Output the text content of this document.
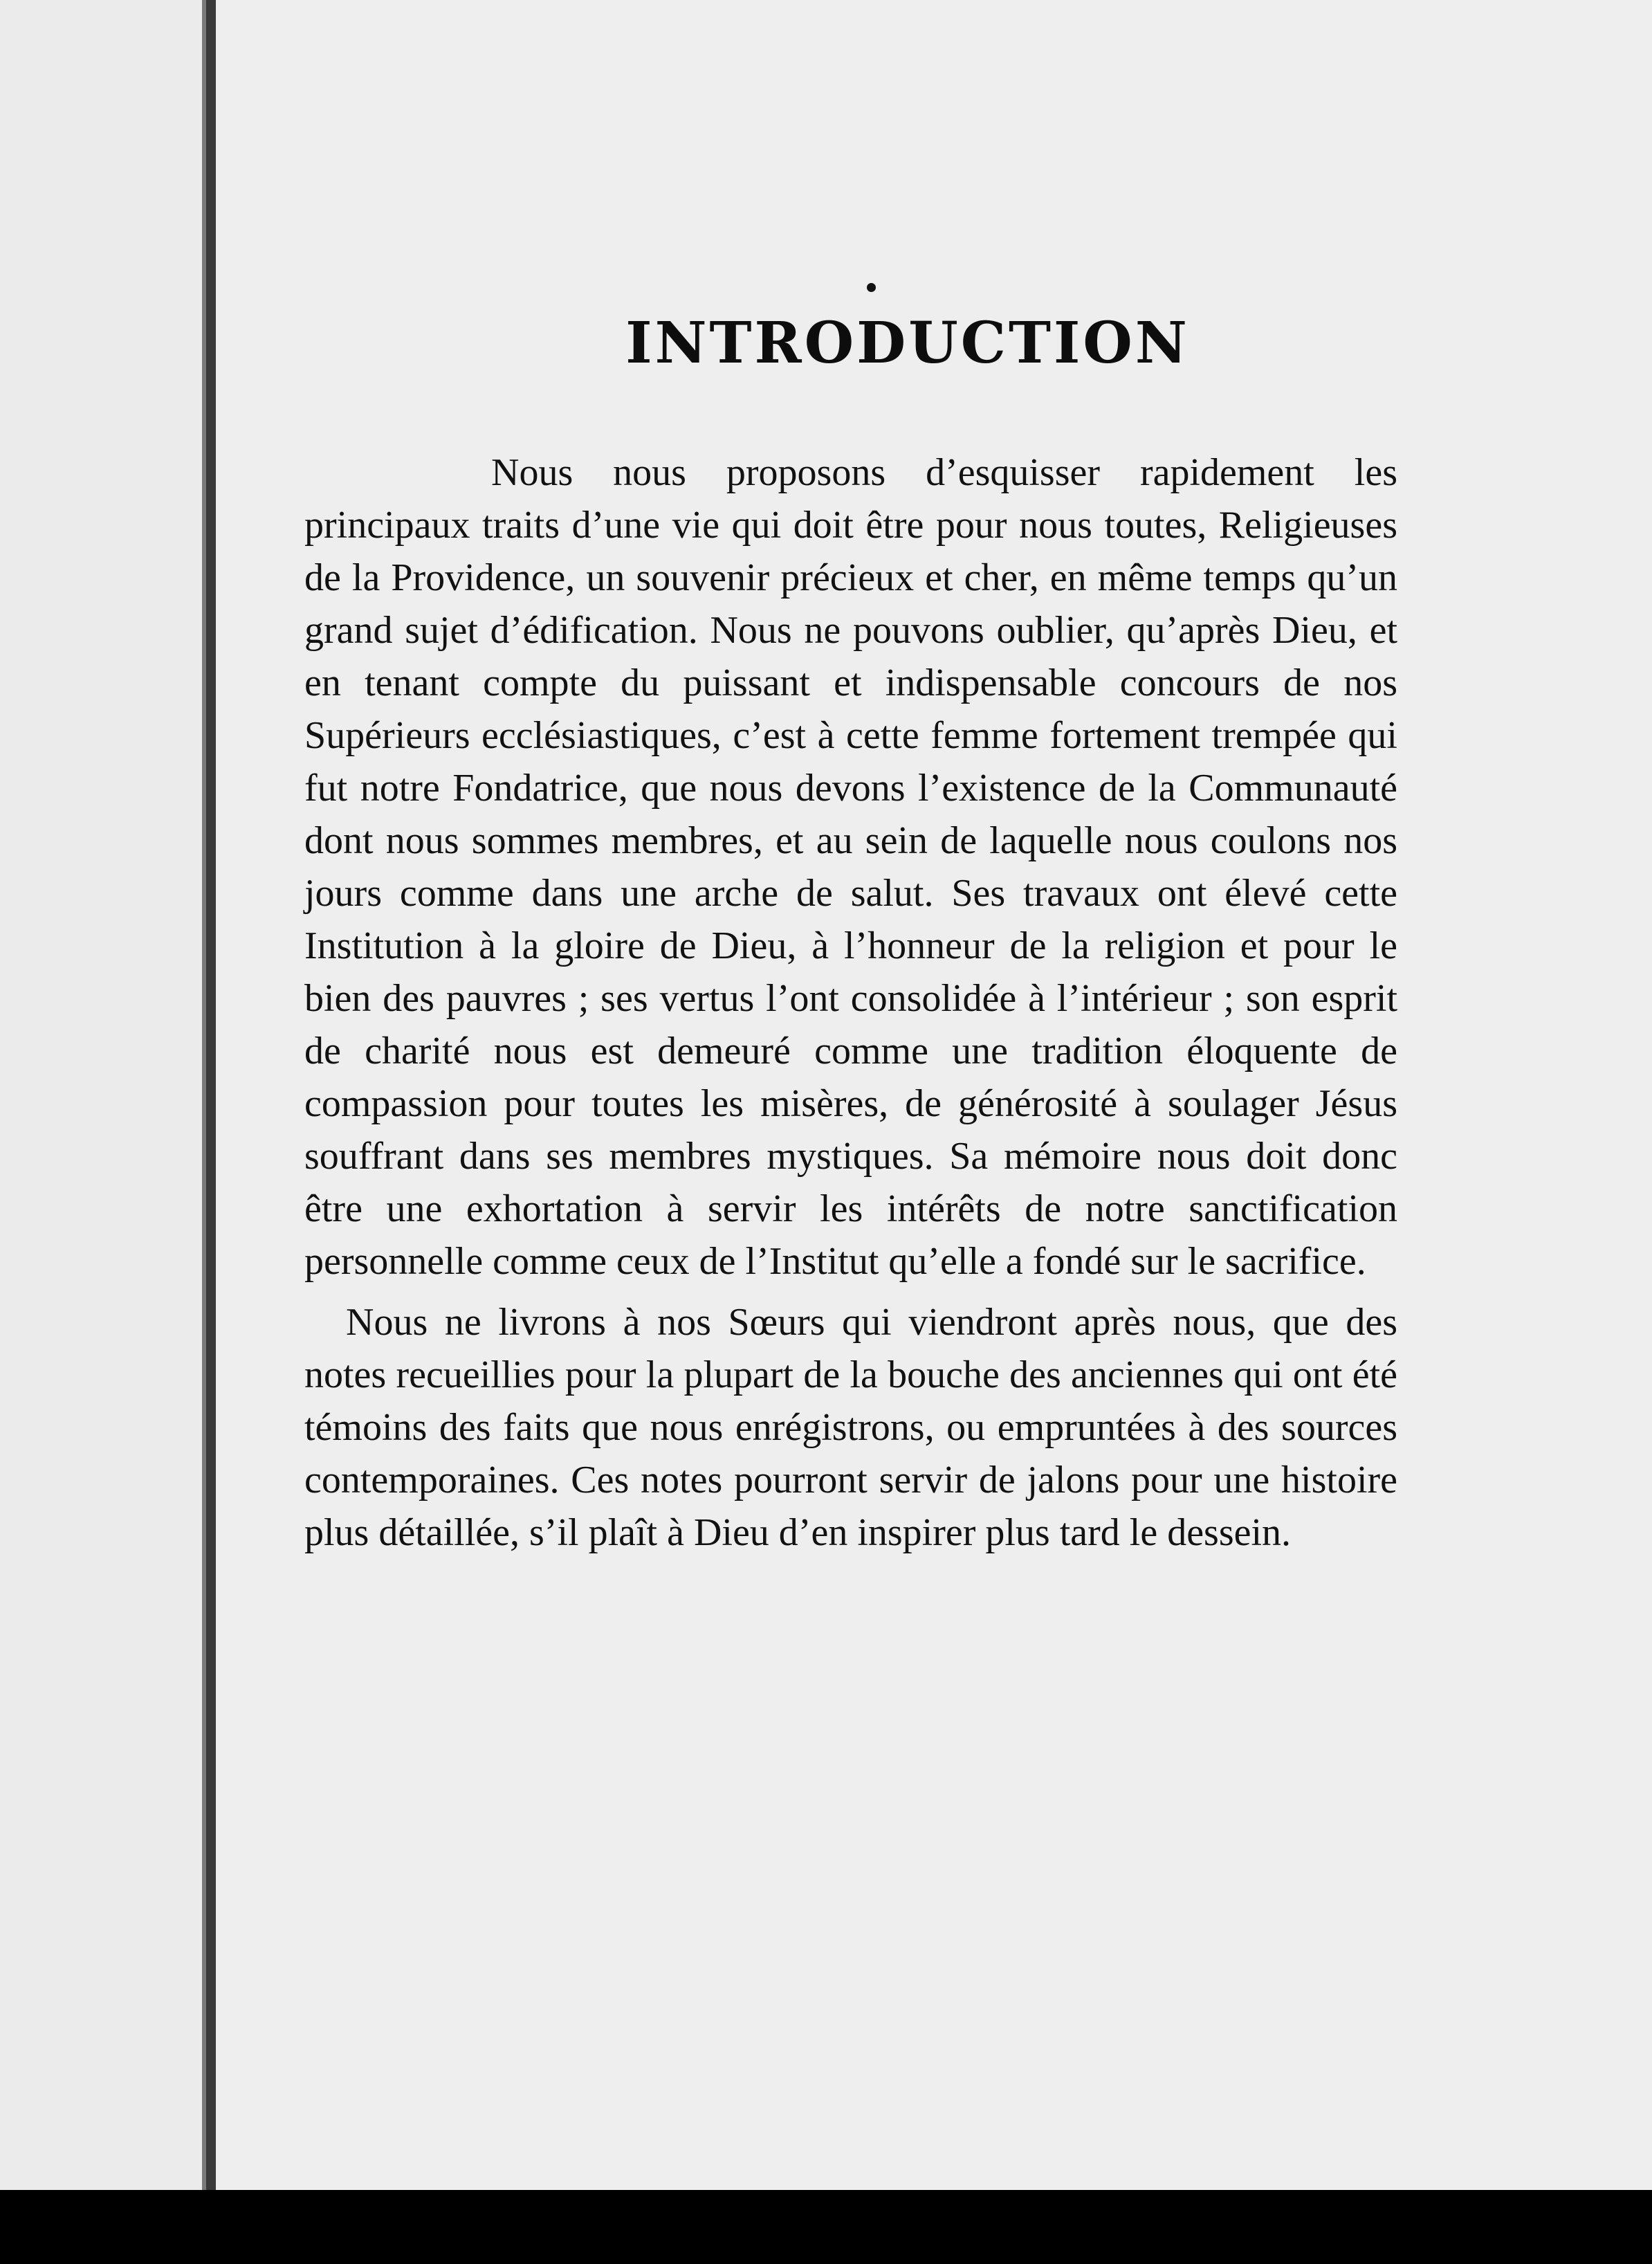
INTRODUCTION

Nous nous proposons d’esquisser rapidement les principaux traits d’une vie qui doit être pour nous toutes, Religieuses de la Providence, un souvenir précieux et cher, en même temps qu’un grand sujet d’édification. Nous ne pouvons oublier, qu’après Dieu, et en tenant compte du puissant et indispensable concours de nos Supérieurs ecclésiastiques, c’est à cette femme fortement trempée qui fut notre Fondatrice, que nous devons l’existence de la Communauté dont nous sommes membres, et au sein de laquelle nous coulons nos jours comme dans une arche de salut. Ses travaux ont élevé cette Institution à la gloire de Dieu, à l’honneur de la religion et pour le bien des pauvres ; ses vertus l’ont consolidée à l’intérieur ; son esprit de charité nous est demeuré comme une tradition éloquente de compassion pour toutes les misères, de générosité à soulager Jésus souffrant dans ses membres mystiques. Sa mémoire nous doit donc être une exhortation à servir les intérêts de notre sanctification personnelle comme ceux de l’Institut qu’elle a fondé sur le sacrifice.

Nous ne livrons à nos Sœurs qui viendront après nous, que des notes recueillies pour la plupart de la bouche des anciennes qui ont été témoins des faits que nous enrégistrons, ou empruntées à des sources contemporaines. Ces notes pourront servir de jalons pour une histoire plus détaillée, s’il plaît à Dieu d’en inspirer plus tard le dessein.
